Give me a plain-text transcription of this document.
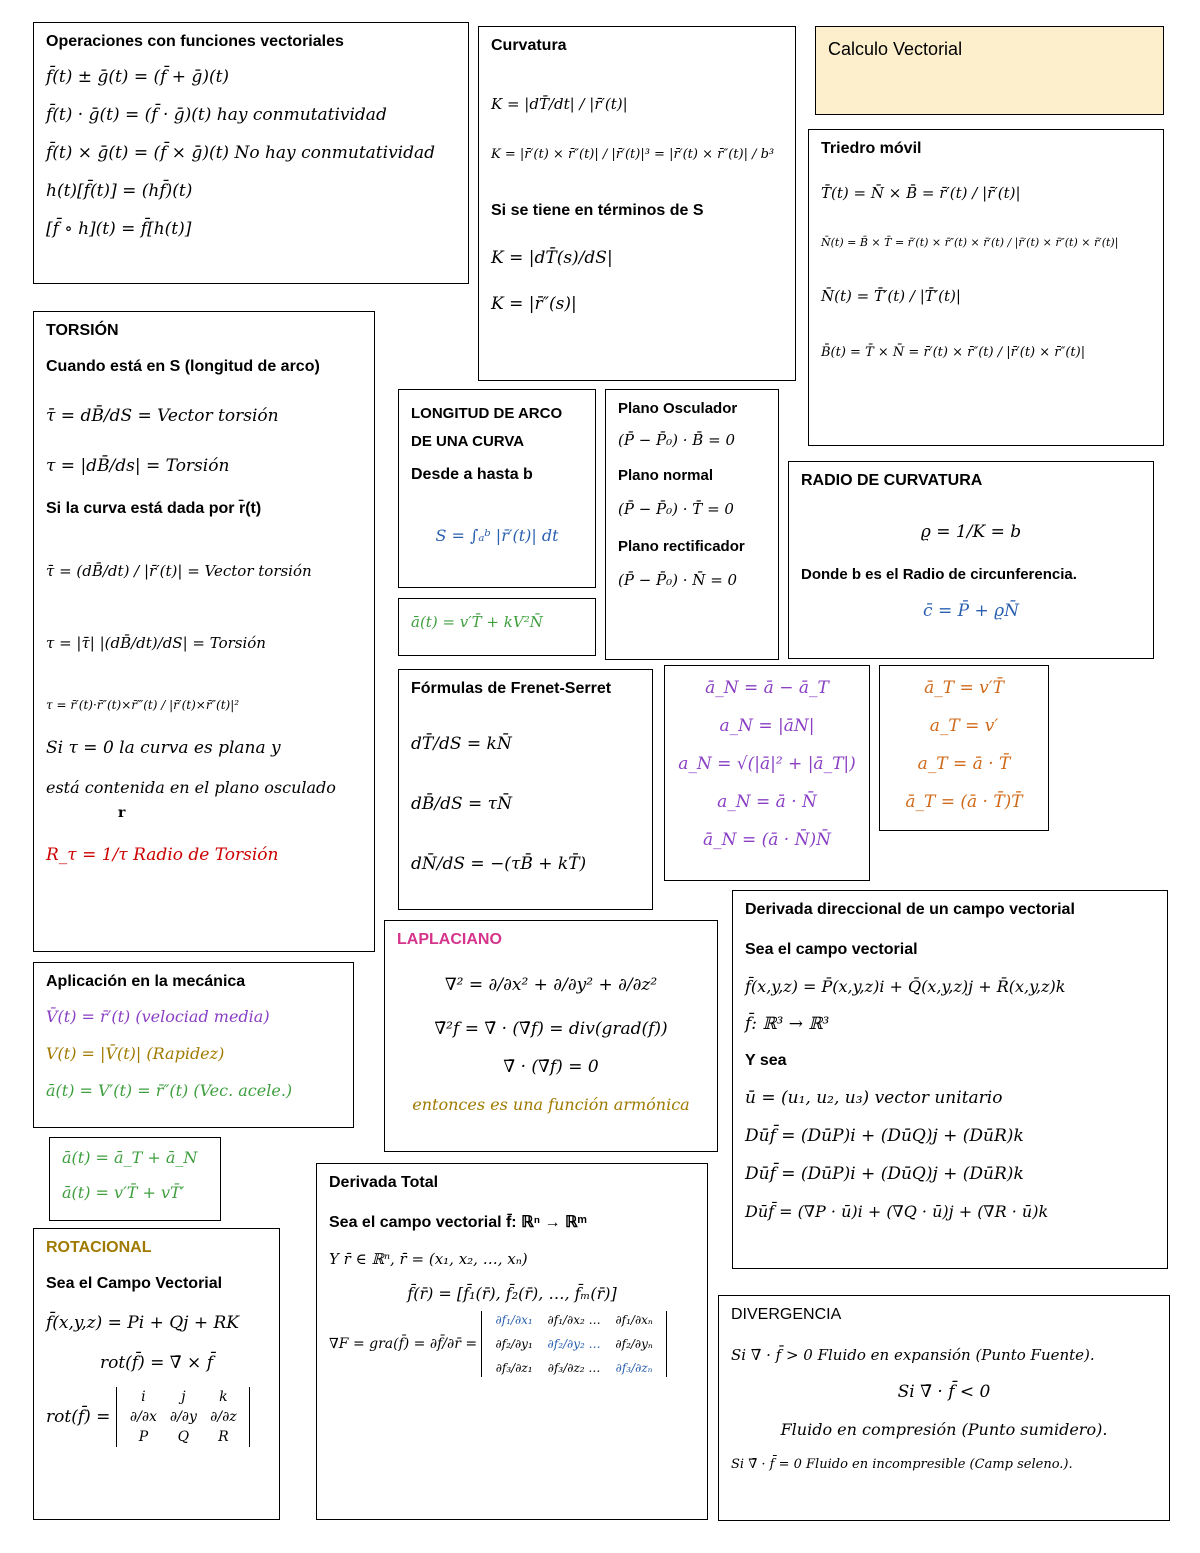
Operaciones con funciones vectoriales
f̄(t) ± ḡ(t) = (f̄ + ḡ)(t)
f̄(t) · ḡ(t) = (f̄ · ḡ)(t) hay conmutatividad
f̄(t) × ḡ(t) = (f̄ × ḡ)(t) No hay conmutatividad
h(t)[f̄(t)] = (hf̄)(t)
[f̄ ∘ h](t) = f̄[h(t)]
Curvatura
K = |dT̄/dt| / |r̄′(t)|
K = |r̄′(t) × r̄″(t)| / |r̄′(t)|³ = |r̄′(t) × r̄″(t)| / b³
Si se tiene en términos de S
K = |dT̄(s)/dS|
K = |r̄″(s)|
Calculo Vectorial
Triedro móvil
T̄(t) = N̄ × B̄ = r̄′(t) / |r̄′(t)|
N̄(t) = B̄ × T̄ = r̄′(t) × r̄″(t) × r̄′(t) / |r̄′(t) × r̄″(t) × r̄′(t)|
N̄(t) = T̄′(t) / |T̄′(t)|
B̄(t) = T̄ × N̄ = r̄′(t) × r̄″(t) / |r̄′(t) × r̄″(t)|
TORSIÓN
Cuando está en S (longitud de arco)
τ̄ = dB̄/dS = Vector torsión
τ = |dB̄/ds| = Torsión
Si la curva está dada por r̄(t)
τ̄ = (dB̄/dt) / |r̄′(t)| = Vector torsión
τ = |τ̄| |(dB̄/dt)/dS| = Torsión
τ = r̄′(t)·r̄″(t)×r̄‴(t) / |r̄′(t)×r̄″(t)|²
Si τ = 0 la curva es plana y
está contenida en el plano osculado
r
R_τ = 1/τ Radio de Torsión
LONGITUD DE ARCO DE UNA CURVA
Desde a hasta b
S = ∫ₐᵇ |r̄′(t)| dt
Plano Osculador
(P̄ − P̄₀) · B̄ = 0
Plano normal
(P̄ − P̄₀) · T̄ = 0
Plano rectificador
(P̄ − P̄₀) · N̄ = 0
RADIO DE CURVATURA
ϱ = 1/K = b
Donde b es el Radio de circunferencia.
c̄ = P̄ + ϱN̄
ā(t) = v′T̄ + kV²N̄
Fórmulas de Frenet-Serret
dT̄/dS = kN̄
dB̄/dS = τN̄
dN̄/dS = −(τB̄ + kT̄)
ā_N = ā − ā_T
a_N = |āN|
a_N = √(|ā|² + |ā_T|)
a_N = ā · N̄
ā_N = (ā · N̄)N̄
ā_T = v′T̄
a_T = v′
a_T = ā · T̄
ā_T = (ā · T̄)T̄
Aplicación en la mecánica
V̄(t) = r̄′(t) (velociad media)
V(t) = |V̄(t)| (Rapidez)
ā(t) = V′(t) = r̄″(t) (Vec. acele.)
LAPLACIANO
∇² = ∂/∂x² + ∂/∂y² + ∂/∂z²
∇̄²f = ∇̄ · (∇̄f) = div(grad(f))
∇̄ · (∇̄f) = 0
entonces es una función armónica
Derivada direccional de un campo vectorial
Sea el campo vectorial
f̄(x,y,z) = P̄(x,y,z)i + Q̄(x,y,z)j + R̄(x,y,z)k
f̄: ℝ³ → ℝ³
Y sea
ū = (u₁, u₂, u₃) vector unitario
Dūf̄ = (DūP)i + (DūQ)j + (DūR)k
Dūf̄ = (DūP)i + (DūQ)j + (DūR)k
Dūf̄ = (∇̄P · ū)i + (∇̄Q · ū)j + (∇̄R · ū)k
ā(t) = ā_T + ā_N
ā(t) = v′T̄ + vT̄′
ROTACIONAL
Sea el Campo Vectorial
f̄(x,y,z) = Pi + Qj + RK
rot(f̄) = ∇̄ × f̄
rot(f̄) =
i	j	k
∂/∂x ∂/∂y ∂/∂z
P	Q	R
Derivada Total
Sea el campo vectorial f̄: ℝⁿ → ℝᵐ
Y r̄ ∈ ℝⁿ, r̄ = (x₁, x₂, …, xₙ)
f̄(r̄) = [f̄₁(r̄), f̄₂(r̄), …, f̄ₘ(r̄)]
∇F = gra(f̄) = ∂f̄/∂r̄ =
∂f₁/∂x₁	∂f₁/∂x₂ …	∂f₁/∂xₙ
∂f₂/∂y₁	∂f₂/∂y₂ …	∂f₂/∂yₙ
∂f₃/∂z₁	∂f₃/∂z₂ …	∂f₃/∂zₙ
DIVERGENCIA
Si ∇̄ · f̄ > 0 Fluido en expansión (Punto Fuente).
Si ∇̄ · f̄ < 0
Fluido en compresión (Punto sumidero).
Si ∇̄ · f̄ = 0 Fluido en incompresible (Camp seleno.).
